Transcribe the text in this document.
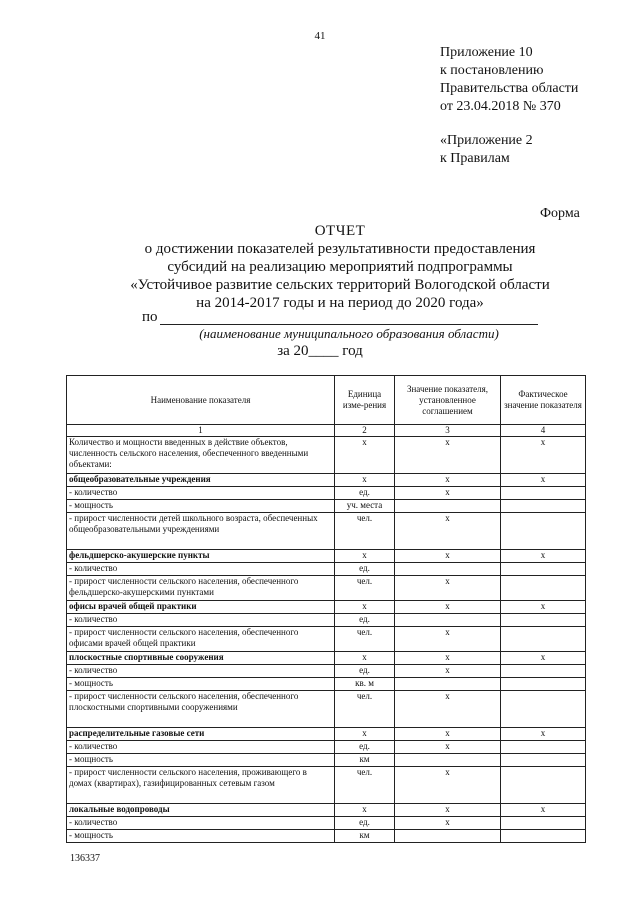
41
Приложение 10
к постановлению
Правительства области
от 23.04.2018 № 370
«Приложение 2
к Правилам
Форма
ОТЧЕТ
о достижении показателей результативности предоставления
субсидий на реализацию мероприятий подпрограммы
«Устойчивое развитие сельских территорий Вологодской области
на 2014-2017 годы и на период до 2020 года»
по
(наименование муниципального образования области)
за 20____ год
Наименование показателя	Единица изме-рения	Значение показателя, установленное соглашением	Фактическое значение показателя
1	2	3	4
Количество и мощности введенных в действие объектов, численность сельского населения, обеспеченного введенными объектами:	х	х	х
общеобразовательные учреждения	х	х	х
- количество	ед.	х	
- мощность	уч. места		
- прирост численности детей школьного возраста, обеспеченных общеобразовательными учреждениями	чел.	х	
фельдшерско-акушерские пункты	х	х	х
- количество	ед.		
- прирост численности сельского населения, обеспеченного фельдшерско-акушерскими пунктами	чел.	х	
офисы врачей общей практики	х	х	х
- количество	ед.		
- прирост численности сельского населения, обеспеченного офисами врачей общей практики	чел.	х	
плоскостные спортивные сооружения	х	х	х
- количество	ед.	х	
- мощность	кв. м		
- прирост численности сельского населения, обеспеченного плоскостными спортивными сооружениями	чел.	х	
распределительные газовые сети	х	х	х
- количество	ед.	х	
- мощность	км		
- прирост численности сельского населения, проживающего в домах (квартирах), газифицированных сетевым газом	чел.	х	
локальные водопроводы	х	х	х
- количество	ед.	х	
- мощность	км		
136337
